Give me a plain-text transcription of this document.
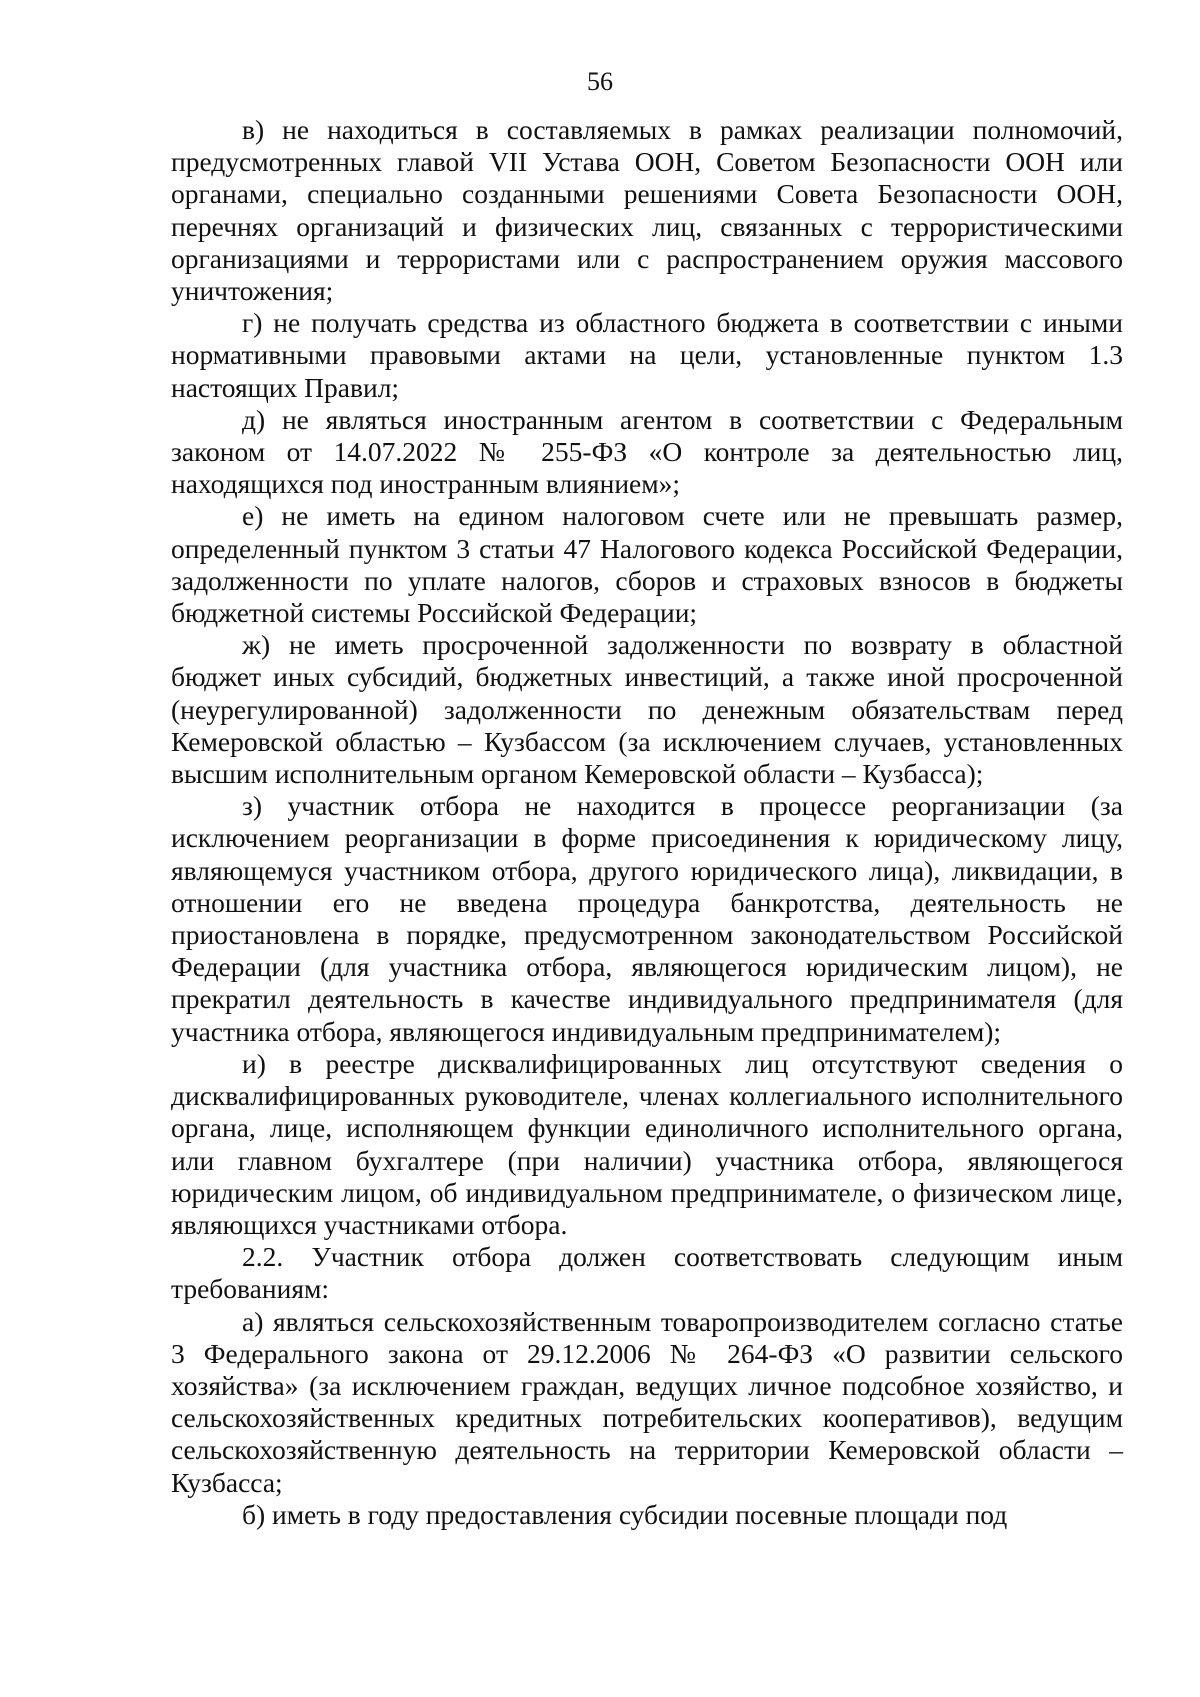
56

в) не находиться в составляемых в рамках реализации полномочий, предусмотренных главой VII Устава ООН, Советом Безопасности ООН или органами, специально созданными решениями Совета Безопасности ООН, перечнях организаций и физических лиц, связанных с террористическими организациями и террористами или с распространением оружия массового уничтожения;

г) не получать средства из областного бюджета в соответствии с иными нормативными правовыми актами на цели, установленные пунктом 1.3 настоящих Правил;

д) не являться иностранным агентом в соответствии с Федеральным законом от 14.07.2022 № 255-ФЗ «О контроле за деятельностью лиц, находящихся под иностранным влиянием»;

е) не иметь на едином налоговом счете или не превышать размер, определенный пунктом 3 статьи 47 Налогового кодекса Российской Федерации, задолженности по уплате налогов, сборов и страховых взносов в бюджеты бюджетной системы Российской Федерации;

ж) не иметь просроченной задолженности по возврату в областной бюджет иных субсидий, бюджетных инвестиций, а также иной просроченной (неурегулированной) задолженности по денежным обязательствам перед Кемеровской областью – Кузбассом (за исключением случаев, установленных высшим исполнительным органом Кемеровской области – Кузбасса);

з) участник отбора не находится в процессе реорганизации (за исключением реорганизации в форме присоединения к юридическому лицу, являющемуся участником отбора, другого юридического лица), ликвидации, в отношении его не введена процедура банкротства, деятельность не приостановлена в порядке, предусмотренном законодательством Российской Федерации (для участника отбора, являющегося юридическим лицом), не прекратил деятельность в качестве индивидуального предпринимателя (для участника отбора, являющегося индивидуальным предпринимателем);

и) в реестре дисквалифицированных лиц отсутствуют сведения о дисквалифицированных руководителе, членах коллегиального исполнительного органа, лице, исполняющем функции единоличного исполнительного органа, или главном бухгалтере (при наличии) участника отбора, являющегося юридическим лицом, об индивидуальном предпринимателе, о физическом лице, являющихся участниками отбора.

2.2. Участник отбора должен соответствовать следующим иным требованиям:

а) являться сельскохозяйственным товаропроизводителем согласно статье 3 Федерального закона от 29.12.2006 № 264-ФЗ «О развитии сельского хозяйства» (за исключением граждан, ведущих личное подсобное хозяйство, и сельскохозяйственных кредитных потребительских кооперативов), ведущим сельскохозяйственную деятельность на территории Кемеровской области – Кузбасса;

б) иметь в году предоставления субсидии посевные площади под
